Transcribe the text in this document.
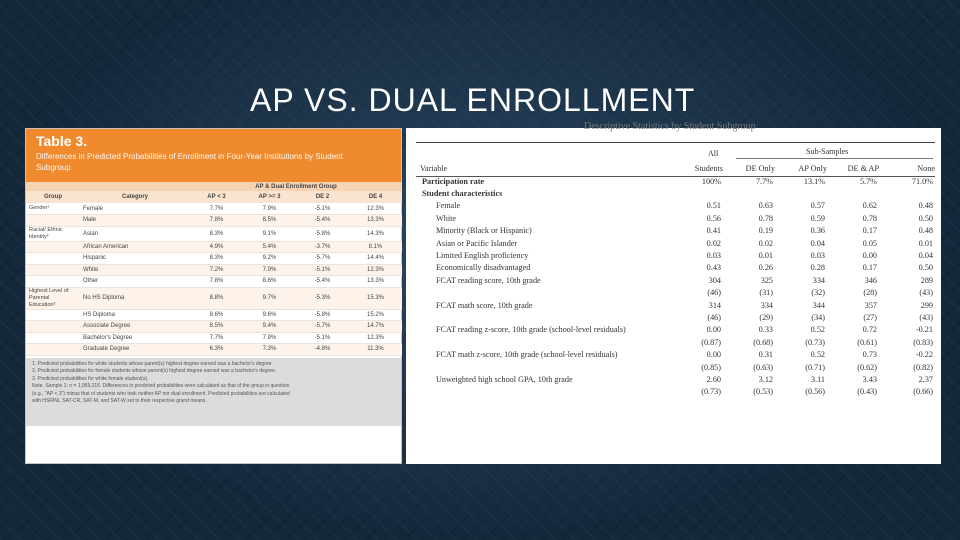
AP VS. DUAL ENROLLMENT
Table 3.
Differences in Predicted Probabilities of Enrollment in Four-Year Institutions by Student Subgroup
		AP & Dual Enrollment Group			
Group	Category	AP < 3	AP >= 3	DE 2	DE 4
Gender¹	Female	7.7%	7.9%	-5.1%	12.3%
	Male	7.8%	8.5%	-5.4%	13.3%
Racial/ Ethnic Identity²	Asian	8.3%	9.1%	-5.8%	14.3%
	African American	4.9%	5.4%	-3.7%	8.1%
	Hispanic	8.3%	9.2%	-5.7%	14.4%
	White	7.2%	7.9%	-5.1%	12.3%
	Other	7.8%	8.6%	-5.4%	13.3%
Highest Level of Parental Education³	No HS Diploma	8.8%	9.7%	-5.3%	15.3%
	HS Diploma	8.6%	9.6%	-5.8%	15.2%
	Associate Degree	8.5%	9.4%	-5.7%	14.7%
	Bachelor's Degree	7.7%	7.9%	-5.1%	12.3%
	Graduate Degree	6.3%	7.3%	-4.8%	11.3%
1. Predicted probabilities for white students whose parent(s) highest degree earned was a bachelor's degree.
2. Predicted probabilities for female students whose parent(s) highest degree earned was a bachelor's degree.
3. Predicted probabilities for white female student(s).
Note. Sample 1: n = 1,069,216. Differences in predicted probabilities were calculated as that of the group in question
(e.g., "AP < 3") minus that of students who took neither AP nor dual enrollment. Predicted probabilities are calculated
with HSRP&, SAT-CR, SAT-M, and SAT-W set to their respective grand means.
Descriptive Statistics by Student Subgroup
All	Sub-Samples
Variable	Students	DE Only	AP Only	DE & AP	None
Participation rate	100%	7.7%	13.1%	5.7%	71.0%
Student characteristics					
Female	0.51	0.63	0.57	0.62	0.48
White	0.56	0.78	0.59	0.78	0.50
Minority (Black or Hispanic)	0.41	0.19	0.36	0.17	0.48
Asian or Pacific Islander	0.02	0.02	0.04	0.05	0.01
Limited English proficiency	0.03	0.01	0.03	0.00	0.04
Economically disadvantaged	0.43	0.26	0.28	0.17	0.50
FCAT reading score, 10th grade	304	325	334	346	289
	(46)	(31)	(32)	(28)	(43)
FCAT math score, 10th grade	314	334	344	357	299
	(46)	(29)	(34)	(27)	(43)
FCAT reading z-score, 10th grade (school-level residuals)	0.00	0.33	0.52	0.72	-0.21
	(0.87)	(0.68)	(0.73)	(0.61)	(0.83)
FCAT math z-score, 10th grade (school-level residuals)	0.00	0.31	0.52	0.73	-0.22
	(0.85)	(0.63)	(0.71)	(0.62)	(0.82)
Unweighted high school GPA, 10th grade	2.60	3.12	3.11	3.43	2.37
	(0.73)	(0.53)	(0.56)	(0.43)	(0.66)
